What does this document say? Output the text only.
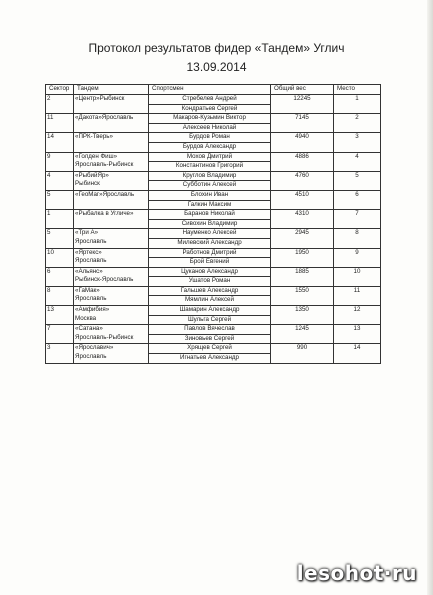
Протокол результатов фидер «Тандем» Углич
13.09.2014
Сектор	Тандем	Спортсмен	Общий вес	Место
2	«Центр»Рыбинск	Стребелев Андрей	12245	1
		Кондратьев Сергей		
11	«Дакота»Ярославль	Макаров-Кузьмин Виктор	7145	2
		Алексеев Николай		
14	«ПРК-Тверь»	Бурдов Роман	4940	3
		Бурдов Александр		
9	«Голден Фиш»
Ярославль-Рыбинск	Мохов Дмитрий	4886	4
		Константинов Григорий		
4	«РыбийЯр»
Рыбинск	Круглов Владимир	4760	5
		Субботин Алексей		
5	«ГеоМаг»Ярославль	Блохин Иван	4510	6
		Галкин Максим		
1	«Рыбалка в Угличе»	Баранов Николай	4310	7
		Сивохин Владимир		
5	«Три А»
Ярославль	Науменко Алексей	2945	8
		Милевский Александр		
10	«Яртекс»
Ярославль	Работнов Дмитрий	1950	9
		Брой Евгений		
6	«Альянс»
Рыбинск-Ярославль	Цуканов Александр	1885	10
		Ушатов Роман		
8	«ГаМак»
Ярославль	Гальшев Александр	1550	11
		Мямлин Алексей		
13	«Амфибия»
Москва	Шамарин Александр	1350	12
		Шульга Сергей		
7	«Сатана»
Ярославль-Рыбинск	Павлов Вячеслав	1245	13
		Зиновьев Сергей		
3	«Ярославич»
Ярославль	Хрящев Сергей	990	14
		Игнатьев Александр		
lesohot·ru
